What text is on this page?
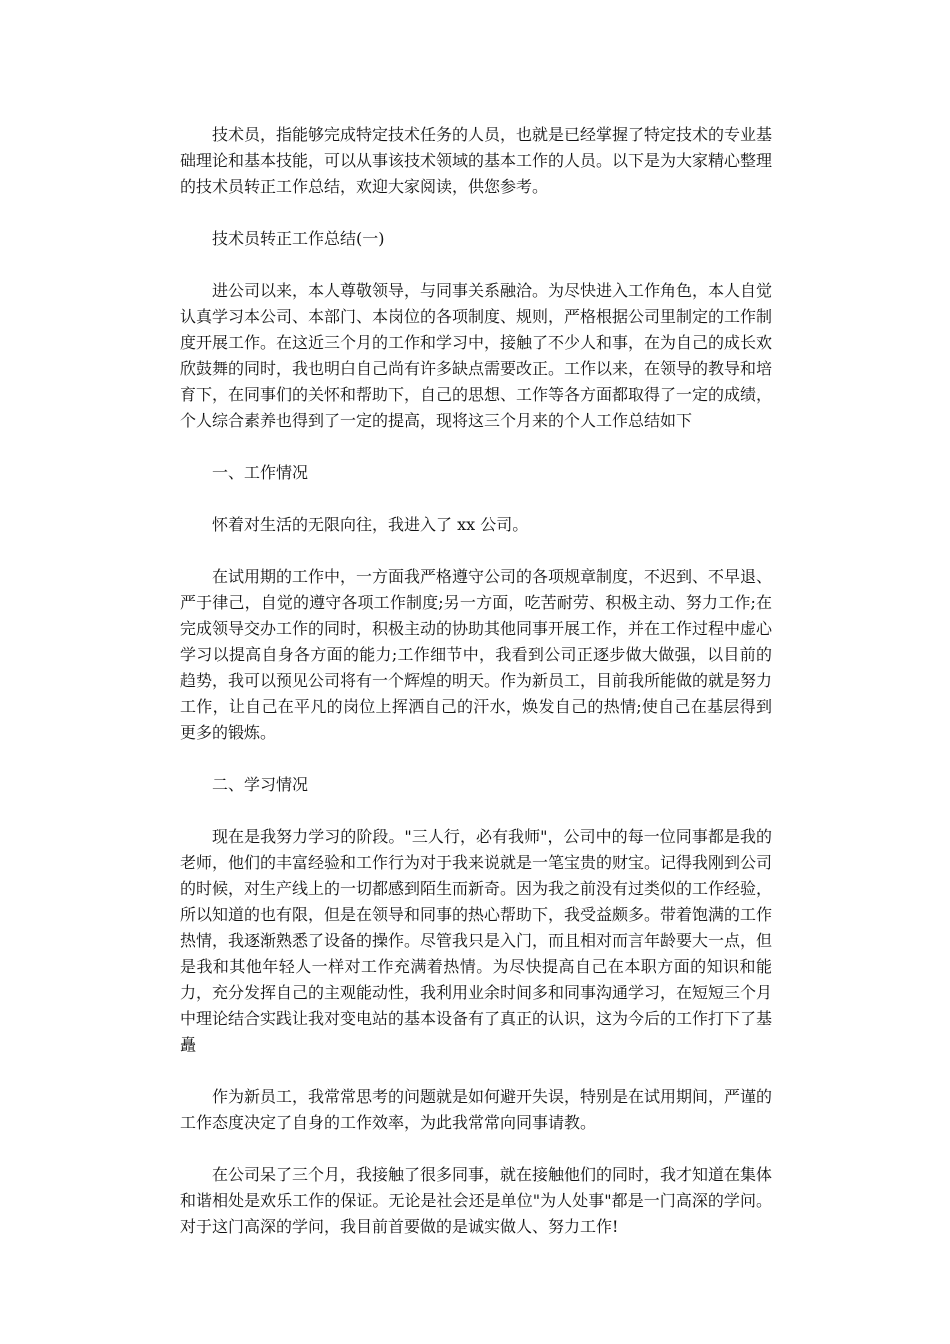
技术员，指能够完成特定技术任务的人员，也就是已经掌握了特定技术的专业基础理论和基本技能，可以从事该技术领域的基本工作的人员。以下是为大家精心整理的技术员转正工作总结，欢迎大家阅读，供您参考。

技术员转正工作总结(一)

进公司以来，本人尊敬领导，与同事关系融洽。为尽快进入工作角色，本人自觉认真学习本公司、本部门、本岗位的各项制度、规则，严格根据公司里制定的工作制度开展工作。在这近三个月的工作和学习中，接触了不少人和事，在为自己的成长欢欣鼓舞的同时，我也明白自己尚有许多缺点需要改正。工作以来，在领导的教导和培育下，在同事们的关怀和帮助下，自己的思想、工作等各方面都取得了一定的成绩，个人综合素养也得到了一定的提高，现将这三个月来的个人工作总结如下

一、工作情况

怀着对生活的无限向往，我进入了 xx 公司。

在试用期的工作中，一方面我严格遵守公司的各项规章制度，不迟到、不早退、严于律己，自觉的遵守各项工作制度;另一方面，吃苦耐劳、积极主动、努力工作;在完成领导交办工作的同时，积极主动的协助其他同事开展工作，并在工作过程中虚心学习以提高自身各方面的能力;工作细节中，我看到公司正逐步做大做强，以目前的趋势，我可以预见公司将有一个辉煌的明天。作为新员工，目前我所能做的就是努力工作，让自己在平凡的岗位上挥洒自己的汗水，焕发自己的热情;使自己在基层得到更多的锻炼。

二、学习情况

现在是我努力学习的阶段。"三人行，必有我师"，公司中的每一位同事都是我的老师，他们的丰富经验和工作行为对于我来说就是一笔宝贵的财宝。记得我刚到公司的时候，对生产线上的一切都感到陌生而新奇。因为我之前没有过类似的工作经验，所以知道的也有限，但是在领导和同事的热心帮助下，我受益颇多。带着饱满的工作热情，我逐渐熟悉了设备的操作。尽管我只是入门，而且相对而言年龄要大一点，但是我和其他年轻人一样对工作充满着热情。为尽快提高自己在本职方面的知识和能力，充分发挥自己的主观能动性，我利用业余时间多和同事沟通学习，在短短三个月中理论结合实践让我对变电站的基本设备有了真正的认识，这为今后的工作打下了基矗

作为新员工，我常常思考的问题就是如何避开失误，特别是在试用期间，严谨的工作态度决定了自身的工作效率，为此我常常向同事请教。

在公司呆了三个月，我接触了很多同事，就在接触他们的同时，我才知道在集体和谐相处是欢乐工作的保证。无论是社会还是单位"为人处事"都是一门高深的学问。对于这门高深的学问，我目前首要做的是诚实做人、努力工作!
